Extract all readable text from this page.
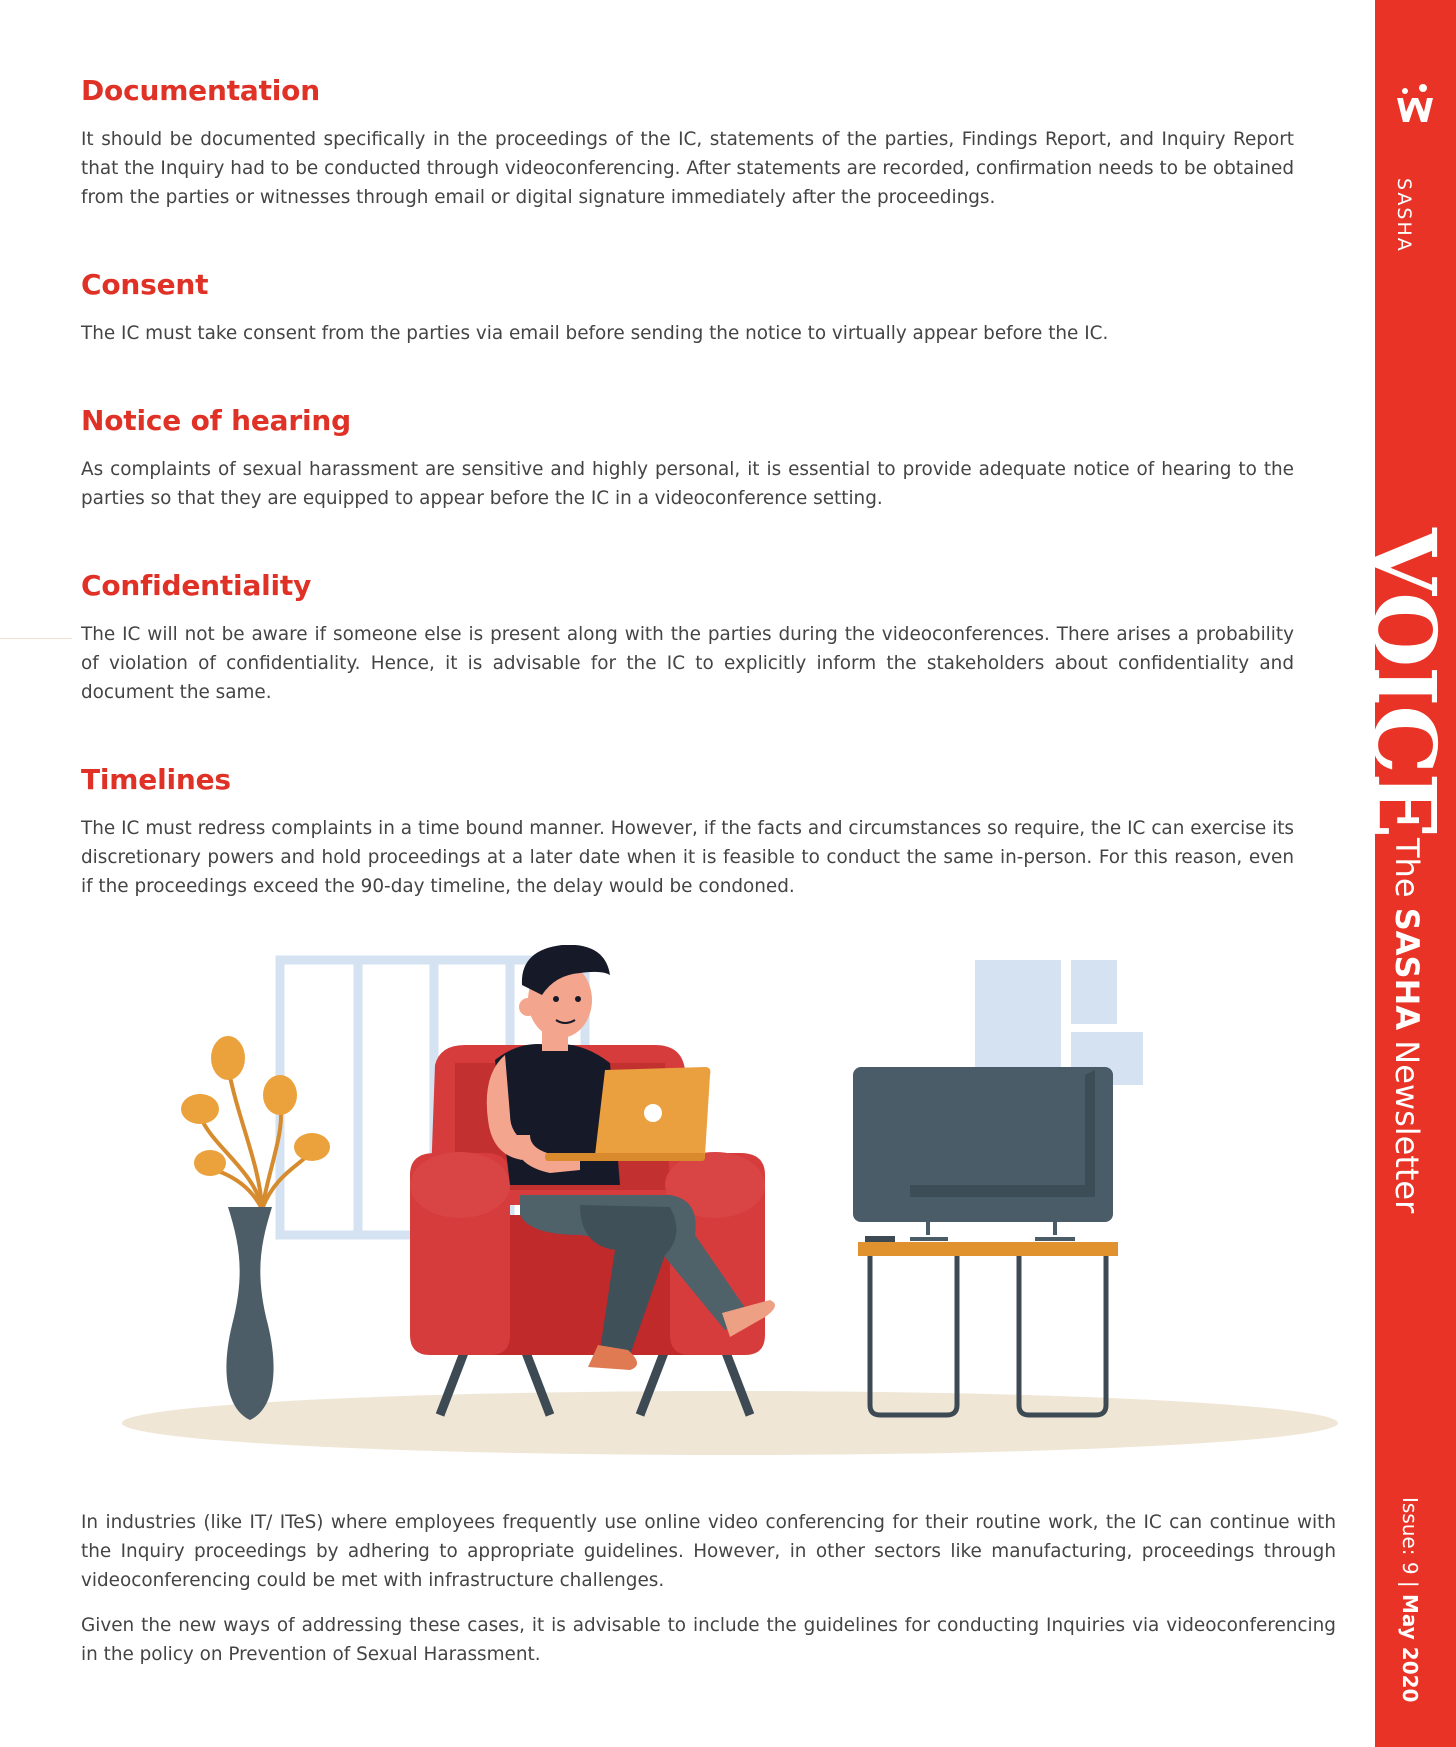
Documentation

It should be documented specifically in the proceedings of the IC, statements of the parties, Findings Report, and Inquiry Report that the Inquiry had to be conducted through videoconferencing. After statements are recorded, confirmation needs to be obtained from the parties or witnesses through email or digital signature immediately after the proceedings.

Consent

The IC must take consent from the parties via email before sending the notice to virtually appear before the IC.

Notice of hearing

As complaints of sexual harassment are sensitive and highly personal, it is essential to provide adequate notice of hearing to the parties so that they are equipped to appear before the IC in a videoconference setting.

Confidentiality

The IC will not be aware if someone else is present along with the parties during the videoconferences. There arises a probability of violation of confidentiality. Hence, it is advisable for the IC to explicitly inform the stakeholders about confidentiality and document the same.

Timelines

The IC must redress complaints in a time bound manner. However, if the facts and circumstances so require, the IC can exercise its discretionary powers and hold proceedings at a later date when it is feasible to conduct the same in-person. For this reason, even if the proceedings exceed the 90-day timeline, the delay would be condoned.

In industries (like IT/ ITeS) where employees frequently use online video conferencing for their routine work, the IC can continue with the Inquiry proceedings by adhering to appropriate guidelines. However, in other sectors like manufacturing, proceedings through videoconferencing could be met with infrastructure challenges.

Given the new ways of addressing these cases, it is advisable to include the guidelines for conducting Inquiries via videoconferencing in the policy on Prevention of Sexual Harassment.

SASHA
VOICE
The SASHA Newsletter
Issue: 9 | May 2020
